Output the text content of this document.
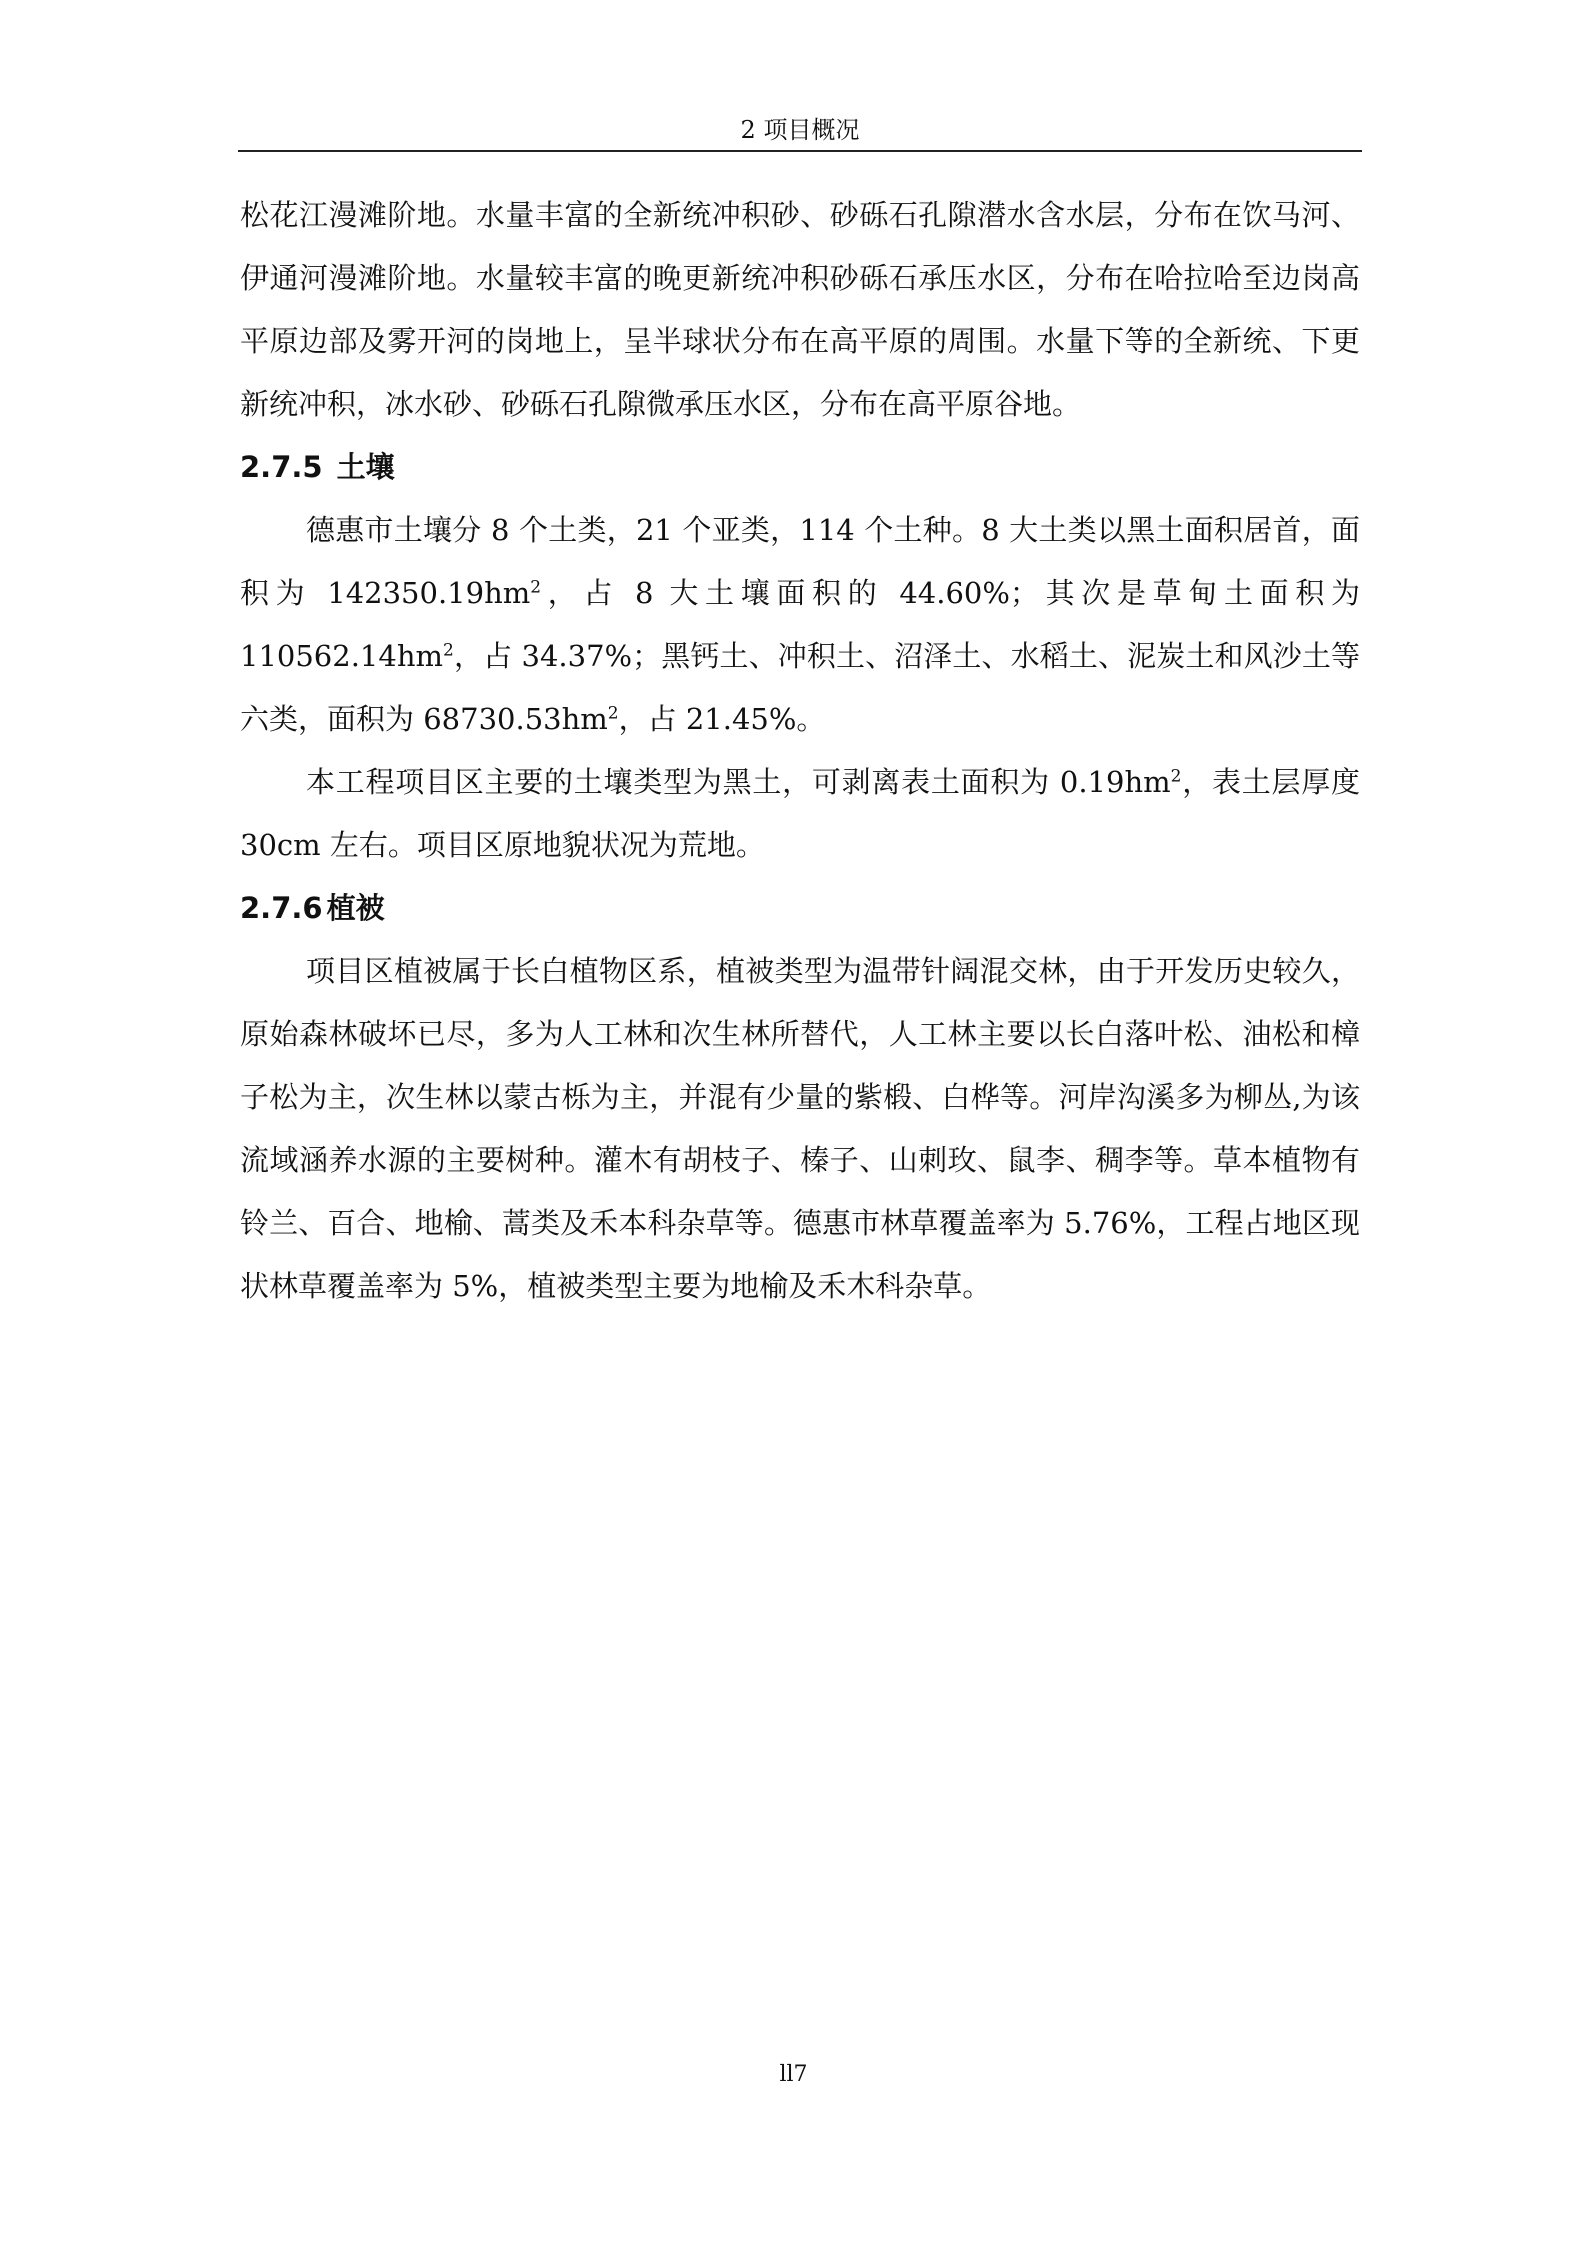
2 项目概况

松花江漫滩阶地。水量丰富的全新统冲积砂、砂砾石孔隙潜水含水层，分布在饮马河、伊通河漫滩阶地。水量较丰富的晚更新统冲积砂砾石承压水区，分布在哈拉哈至边岗高平原边部及雾开河的岗地上，呈半球状分布在高平原的周围。水量下等的全新统、下更新统冲积，冰水砂、砂砾石孔隙微承压水区，分布在高平原谷地。

2.7.5 土壤

德惠市土壤分 8 个土类，21 个亚类，114 个土种。8 大土类以黑土面积居首，面积为 $142350.19hm^2$，占 8 大土壤面积的 44.60%；其次是草甸土面积为 $110562.14hm^2$，占 34.37%；黑钙土、冲积土、沼泽土、水稻土、泥炭土和风沙土等六类，面积为 $68730.53hm^2$，占 21.45%。

本工程项目区主要的土壤类型为黑土，可剥离表土面积为 $0.19hm^2$，表土层厚度 30cm 左右。项目区原地貌状况为荒地。

2.7.6 植被

项目区植被属于长白植物区系，植被类型为温带针阔混交林，由于开发历史较久，原始森林破坏已尽，多为人工林和次生林所替代，人工林主要以长白落叶松、油松和樟子松为主，次生林以蒙古栎为主，并混有少量的紫椴、白桦等。河岸沟溪多为柳丛,为该流域涵养水源的主要树种。灌木有胡枝子、榛子、山刺玫、鼠李、稠李等。草本植物有铃兰、百合、地榆、蒿类及禾本科杂草等。德惠市林草覆盖率为 5.76%，工程占地区现状林草覆盖率为 5%，植被类型主要为地榆及禾木科杂草。

ll7
